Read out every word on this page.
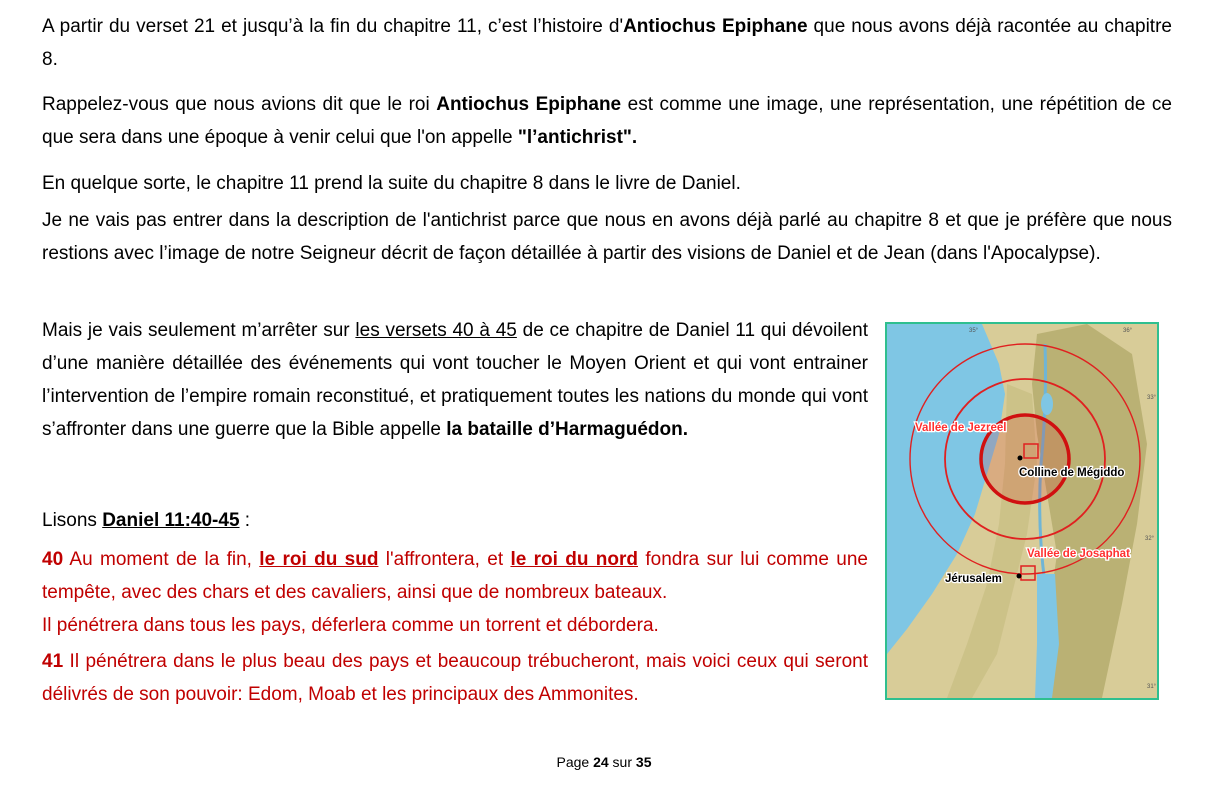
A partir du verset 21 et jusqu’à la fin du chapitre 11, c’est l’histoire d'Antiochus Epiphane que nous avons déjà racontée au chapitre 8.

Rappelez-vous que nous avions dit que le roi Antiochus Epiphane est comme une image, une représentation, une répétition de ce que sera dans une époque à venir celui que l'on appelle "l’antichrist".

En quelque sorte, le chapitre 11 prend la suite du chapitre 8 dans le livre de Daniel.

Je ne vais pas entrer dans la description de l'antichrist parce que nous en avons déjà parlé au chapitre 8 et que je préfère que nous restions avec l’image de notre Seigneur décrit de façon détaillée à partir des visions de Daniel et de Jean (dans l'Apocalypse).

Mais je vais seulement m’arrêter sur les versets 40 à 45 de ce chapitre de Daniel 11 qui dévoilent d’une manière détaillée des événements qui vont toucher le Moyen Orient et qui vont entrainer l’intervention de l’empire romain reconstitué, et pratiquement toutes les nations du monde qui vont s’affronter dans une guerre que la Bible appelle la bataille d’Harmaguédon.

Lisons Daniel 11:40-45 :

40 Au moment de la fin, le roi du sud l'affrontera, et le roi du nord fondra sur lui comme une tempête, avec des chars et des cavaliers, ainsi que de nombreux bateaux.
Il pénétrera dans tous les pays, déferlera comme un torrent et débordera.

41 Il pénétrera dans le plus beau des pays et beaucoup trébucheront, mais voici ceux qui seront délivrés de son pouvoir: Edom, Moab et les principaux des Ammonites.

35°	36°
33°
32°
31°
Vallée de Jezreel
Colline de Mégiddo
Vallée de Josaphat
Jérusalem
Page 24 sur 35
